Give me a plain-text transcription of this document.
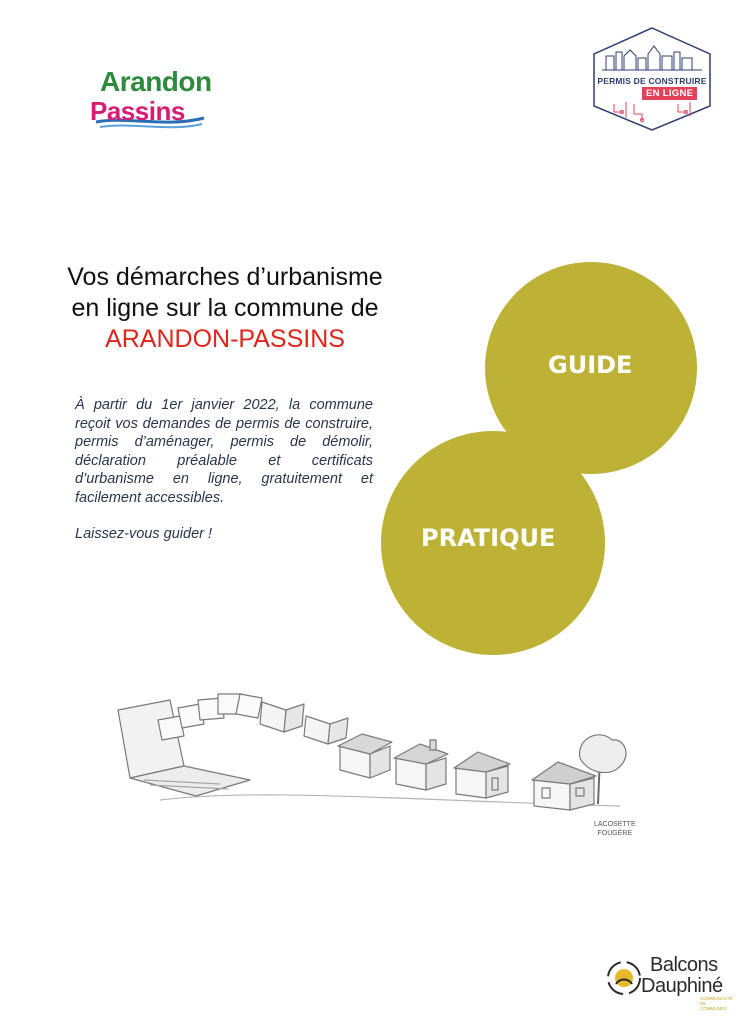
Arandon
Passins
PERMIS DE CONSTRUIRE
EN LIGNE
Vos démarches d’urbanisme
en ligne sur la commune de
ARANDON-PASSINS

À partir du 1er janvier 2022, la commune reçoit vos demandes de permis de construire, permis d’aménager, permis de démolir, déclaration préalable et certificats d’urbanisme en ligne, gratuitement et facilement accessibles.

Laissez-vous guider !

GUIDE
PRATIQUE
LACOSETTE
FOUGÈRE
Balcons
Dauphiné
COMMUNAUTÉ DE COMMUNES
